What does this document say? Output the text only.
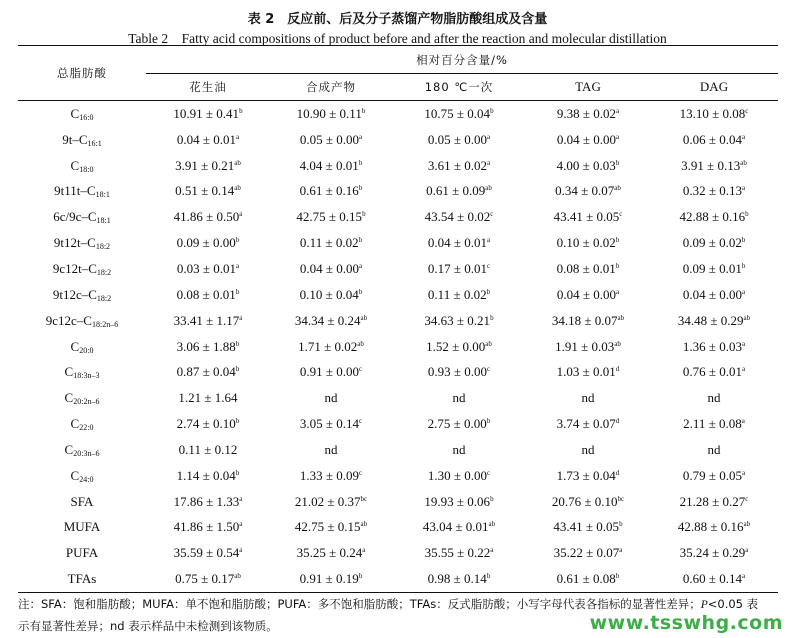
表 2　反应前、后及分子蒸馏产物脂肪酸组成及含量
Table 2　Fatty acid compositions of product before and after the reaction and molecular distillation
总脂肪酸	相对百分含量/%				
	花生油	合成产物	180 ℃一次	TAG	DAG
$C_{16:0}$	10.91 ± 0.41$^b$	10.90 ± 0.11$^b$	10.75 ± 0.04$^b$	9.38 ± 0.02$^a$	13.10 ± 0.08$^c$
$9t-C_{16:1}$	0.04 ± 0.01$^a$	0.05 ± 0.00$^a$	0.05 ± 0.00$^a$	0.04 ± 0.00$^a$	0.06 ± 0.04$^a$
$C_{18:0}$	3.91 ± 0.21$^{ab}$	4.04 ± 0.01$^b$	3.61 ± 0.02$^a$	4.00 ± 0.03$^b$	3.91 ± 0.13$^{ab}$
$9t11t-C_{18:1}$	0.51 ± 0.14$^{ab}$	0.61 ± 0.16$^b$	0.61 ± 0.09$^{ab}$	0.34 ± 0.07$^{ab}$	0.32 ± 0.13$^a$
$6c/9c-C_{18:1}$	41.86 ± 0.50$^a$	42.75 ± 0.15$^b$	43.54 ± 0.02$^c$	43.41 ± 0.05$^c$	42.88 ± 0.16$^b$
$9t12t-C_{18:2}$	0.09 ± 0.00$^b$	0.11 ± 0.02$^b$	0.04 ± 0.01$^a$	0.10 ± 0.02$^b$	0.09 ± 0.02$^b$
$9c12t-C_{18:2}$	0.03 ± 0.01$^a$	0.04 ± 0.00$^a$	0.17 ± 0.01$^c$	0.08 ± 0.01$^b$	0.09 ± 0.01$^b$
$9t12c-C_{18:2}$	0.08 ± 0.01$^b$	0.10 ± 0.04$^b$	0.11 ± 0.02$^b$	0.04 ± 0.00$^a$	0.04 ± 0.00$^a$
$9c12c-C_{18:2n-6}$	33.41 ± 1.17$^a$	34.34 ± 0.24$^{ab}$	34.63 ± 0.21$^b$	34.18 ± 0.07$^{ab}$	34.48 ± 0.29$^{ab}$
$C_{20:0}$	3.06 ± 1.88$^b$	1.71 ± 0.02$^{ab}$	1.52 ± 0.00$^{ab}$	1.91 ± 0.03$^{ab}$	1.36 ± 0.03$^a$
$C_{18:3n-3}$	0.87 ± 0.04$^b$	0.91 ± 0.00$^c$	0.93 ± 0.00$^c$	1.03 ± 0.01$^d$	0.76 ± 0.01$^a$
$C_{20:2n-6}$	1.21 ± 1.64	nd	nd	nd	nd
$C_{22:0}$	2.74 ± 0.10$^b$	3.05 ± 0.14$^c$	2.75 ± 0.00$^b$	3.74 ± 0.07$^d$	2.11 ± 0.08$^a$
$C_{20:3n-6}$	0.11 ± 0.12	nd	nd	nd	nd
$C_{24:0}$	1.14 ± 0.04$^b$	1.33 ± 0.09$^c$	1.30 ± 0.00$^c$	1.73 ± 0.04$^d$	0.79 ± 0.05$^a$
SFA	17.86 ± 1.33$^a$	21.02 ± 0.37$^{bc}$	19.93 ± 0.06$^b$	20.76 ± 0.10$^{bc}$	21.28 ± 0.27$^c$
MUFA	41.86 ± 1.50$^a$	42.75 ± 0.15$^{ab}$	43.04 ± 0.01$^{ab}$	43.41 ± 0.05$^b$	42.88 ± 0.16$^{ab}$
PUFA	35.59 ± 0.54$^a$	35.25 ± 0.24$^a$	35.55 ± 0.22$^a$	35.22 ± 0.07$^a$	35.24 ± 0.29$^a$
TFAs	0.75 ± 0.17$^{ab}$	0.91 ± 0.19$^b$	0.98 ± 0.14$^b$	0.61 ± 0.08$^b$	0.60 ± 0.14$^a$
注：SFA：饱和脂肪酸；MUFA：单不饱和脂肪酸；PUFA：多不饱和脂肪酸；TFAs：反式脂肪酸；小写字母代表各指标的显著性差异；P<0.05 表
示有显著性差异；nd 表示样品中未检测到该物质。	www.tsswhg.com
